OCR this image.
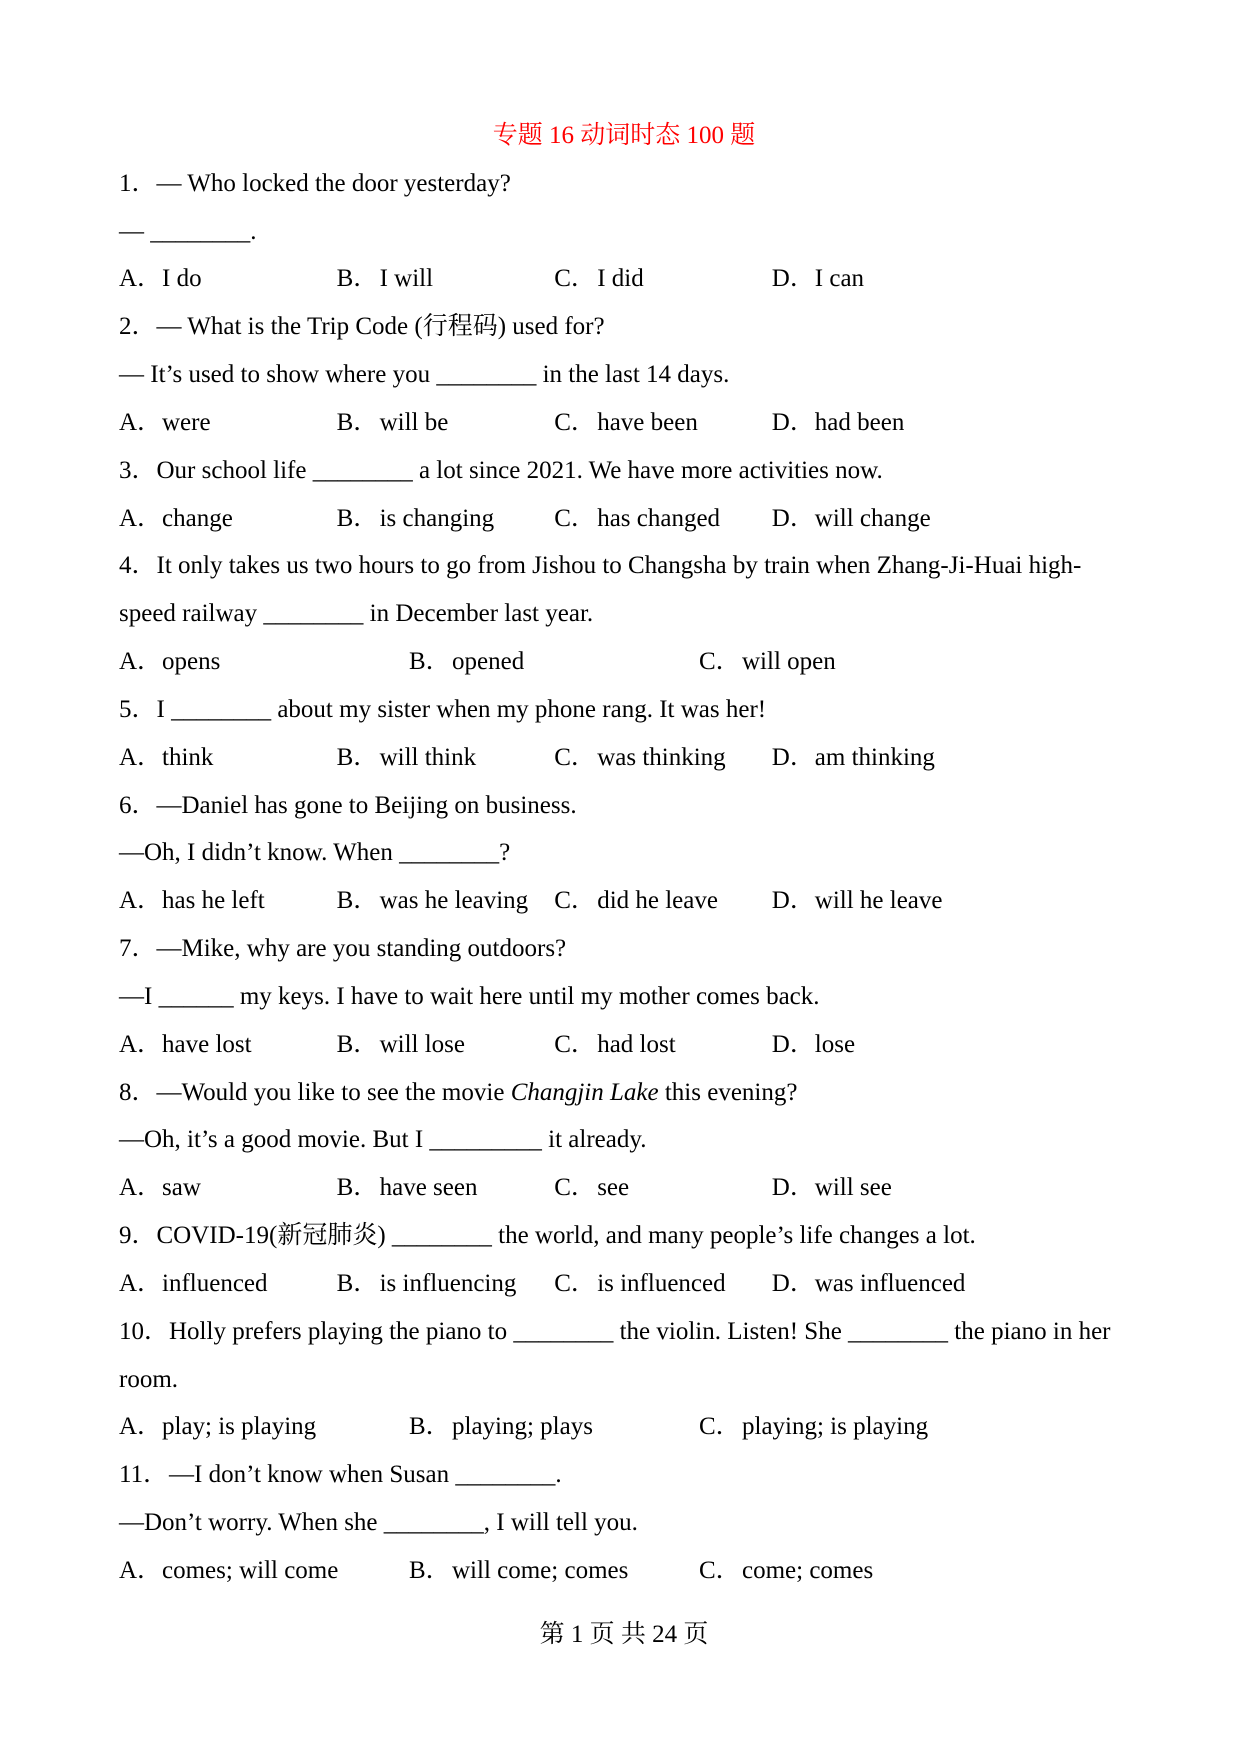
专题 16 动词时态 100 题
1．— Who locked the door yesterday?
— ________.
A．I do	B．I will	C．I did	D．I can
2．— What is the Trip Code (行程码) used for?
— It’s used to show where you ________ in the last 14 days.
A．were	B．will be	C．have been	D．had been
3．Our school life ________ a lot since 2021. We have more activities now.
A．change	B．is changing	C．has changed	D．will change
4．It only takes us two hours to go from Jishou to Changsha by train when Zhang-Ji-Huai high-
speed railway ________ in December last year.
A．opens	B．opened	C．will open
5．I ________ about my sister when my phone rang. It was her!
A．think	B．will think	C．was thinking	D．am thinking
6．—Daniel has gone to Beijing on business.
—Oh, I didn’t know. When ________?
A．has he left	B．was he leaving	C．did he leave	D．will he leave
7．—Mike, why are you standing outdoors?
—I ______ my keys. I have to wait here until my mother comes back.
A．have lost	B．will lose	C．had lost	D．lose
8．—Would you like to see the movie Changjin Lake this evening?
—Oh, it’s a good movie. But I _________ it already.
A．saw	B．have seen	C．see	D．will see
9．COVID-19(新冠肺炎) ________ the world, and many people’s life changes a lot.
A．influenced	B．is influencing	C．is influenced	D．was influenced
10．Holly prefers playing the piano to ________ the violin. Listen! She ________ the piano in her
room.
A．play; is playing	B．playing; plays	C．playing; is playing
11．—I don’t know when Susan ________.
—Don’t worry. When she ________, I will tell you.
A．comes; will come	B．will come; comes	C．come; comes
第 1 页 共 24 页
